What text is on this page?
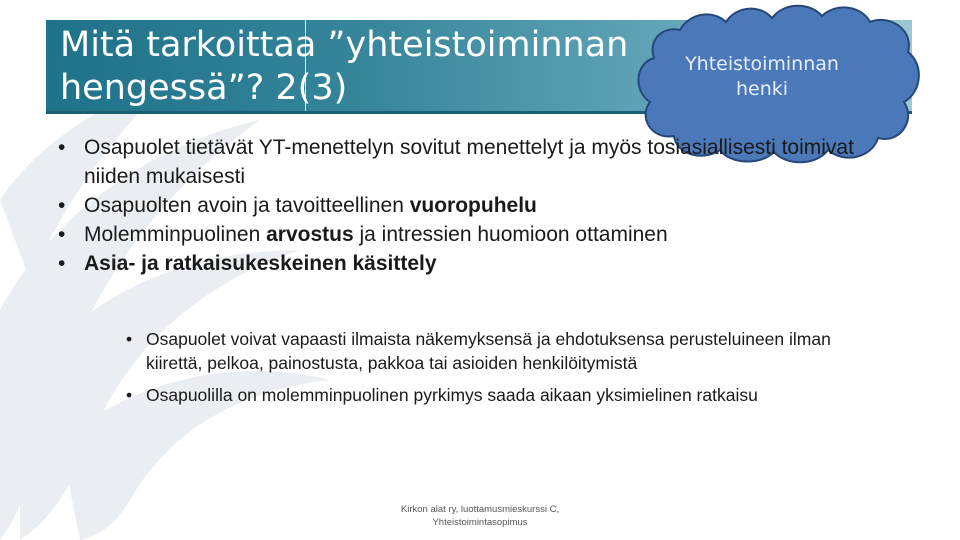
Mitä tarkoittaa ”yhteistoiminnan
hengessä”? 2(3)
Yhteistoiminnan
henki
• Osapuolet tietävät YT-menettelyn sovitut menettelyt ja myös tosiasiallisesti toimivat niiden mukaisesti
• Osapuolten avoin ja tavoitteellinen vuoropuhelu
• Molemminpuolinen arvostus ja intressien huomioon ottaminen
• Asia- ja ratkaisukeskeinen käsittely
• Osapuolet voivat vapaasti ilmaista näkemyksensä ja ehdotuksensa perusteluineen ilman kiirettä, pelkoa, painostusta, pakkoa tai asioiden henkilöitymistä
• Osapuolilla on molemminpuolinen pyrkimys saada aikaan yksimielinen ratkaisu
Kirkon alat ry, luottamusmieskurssi C,
Yhteistoimintasopimus
